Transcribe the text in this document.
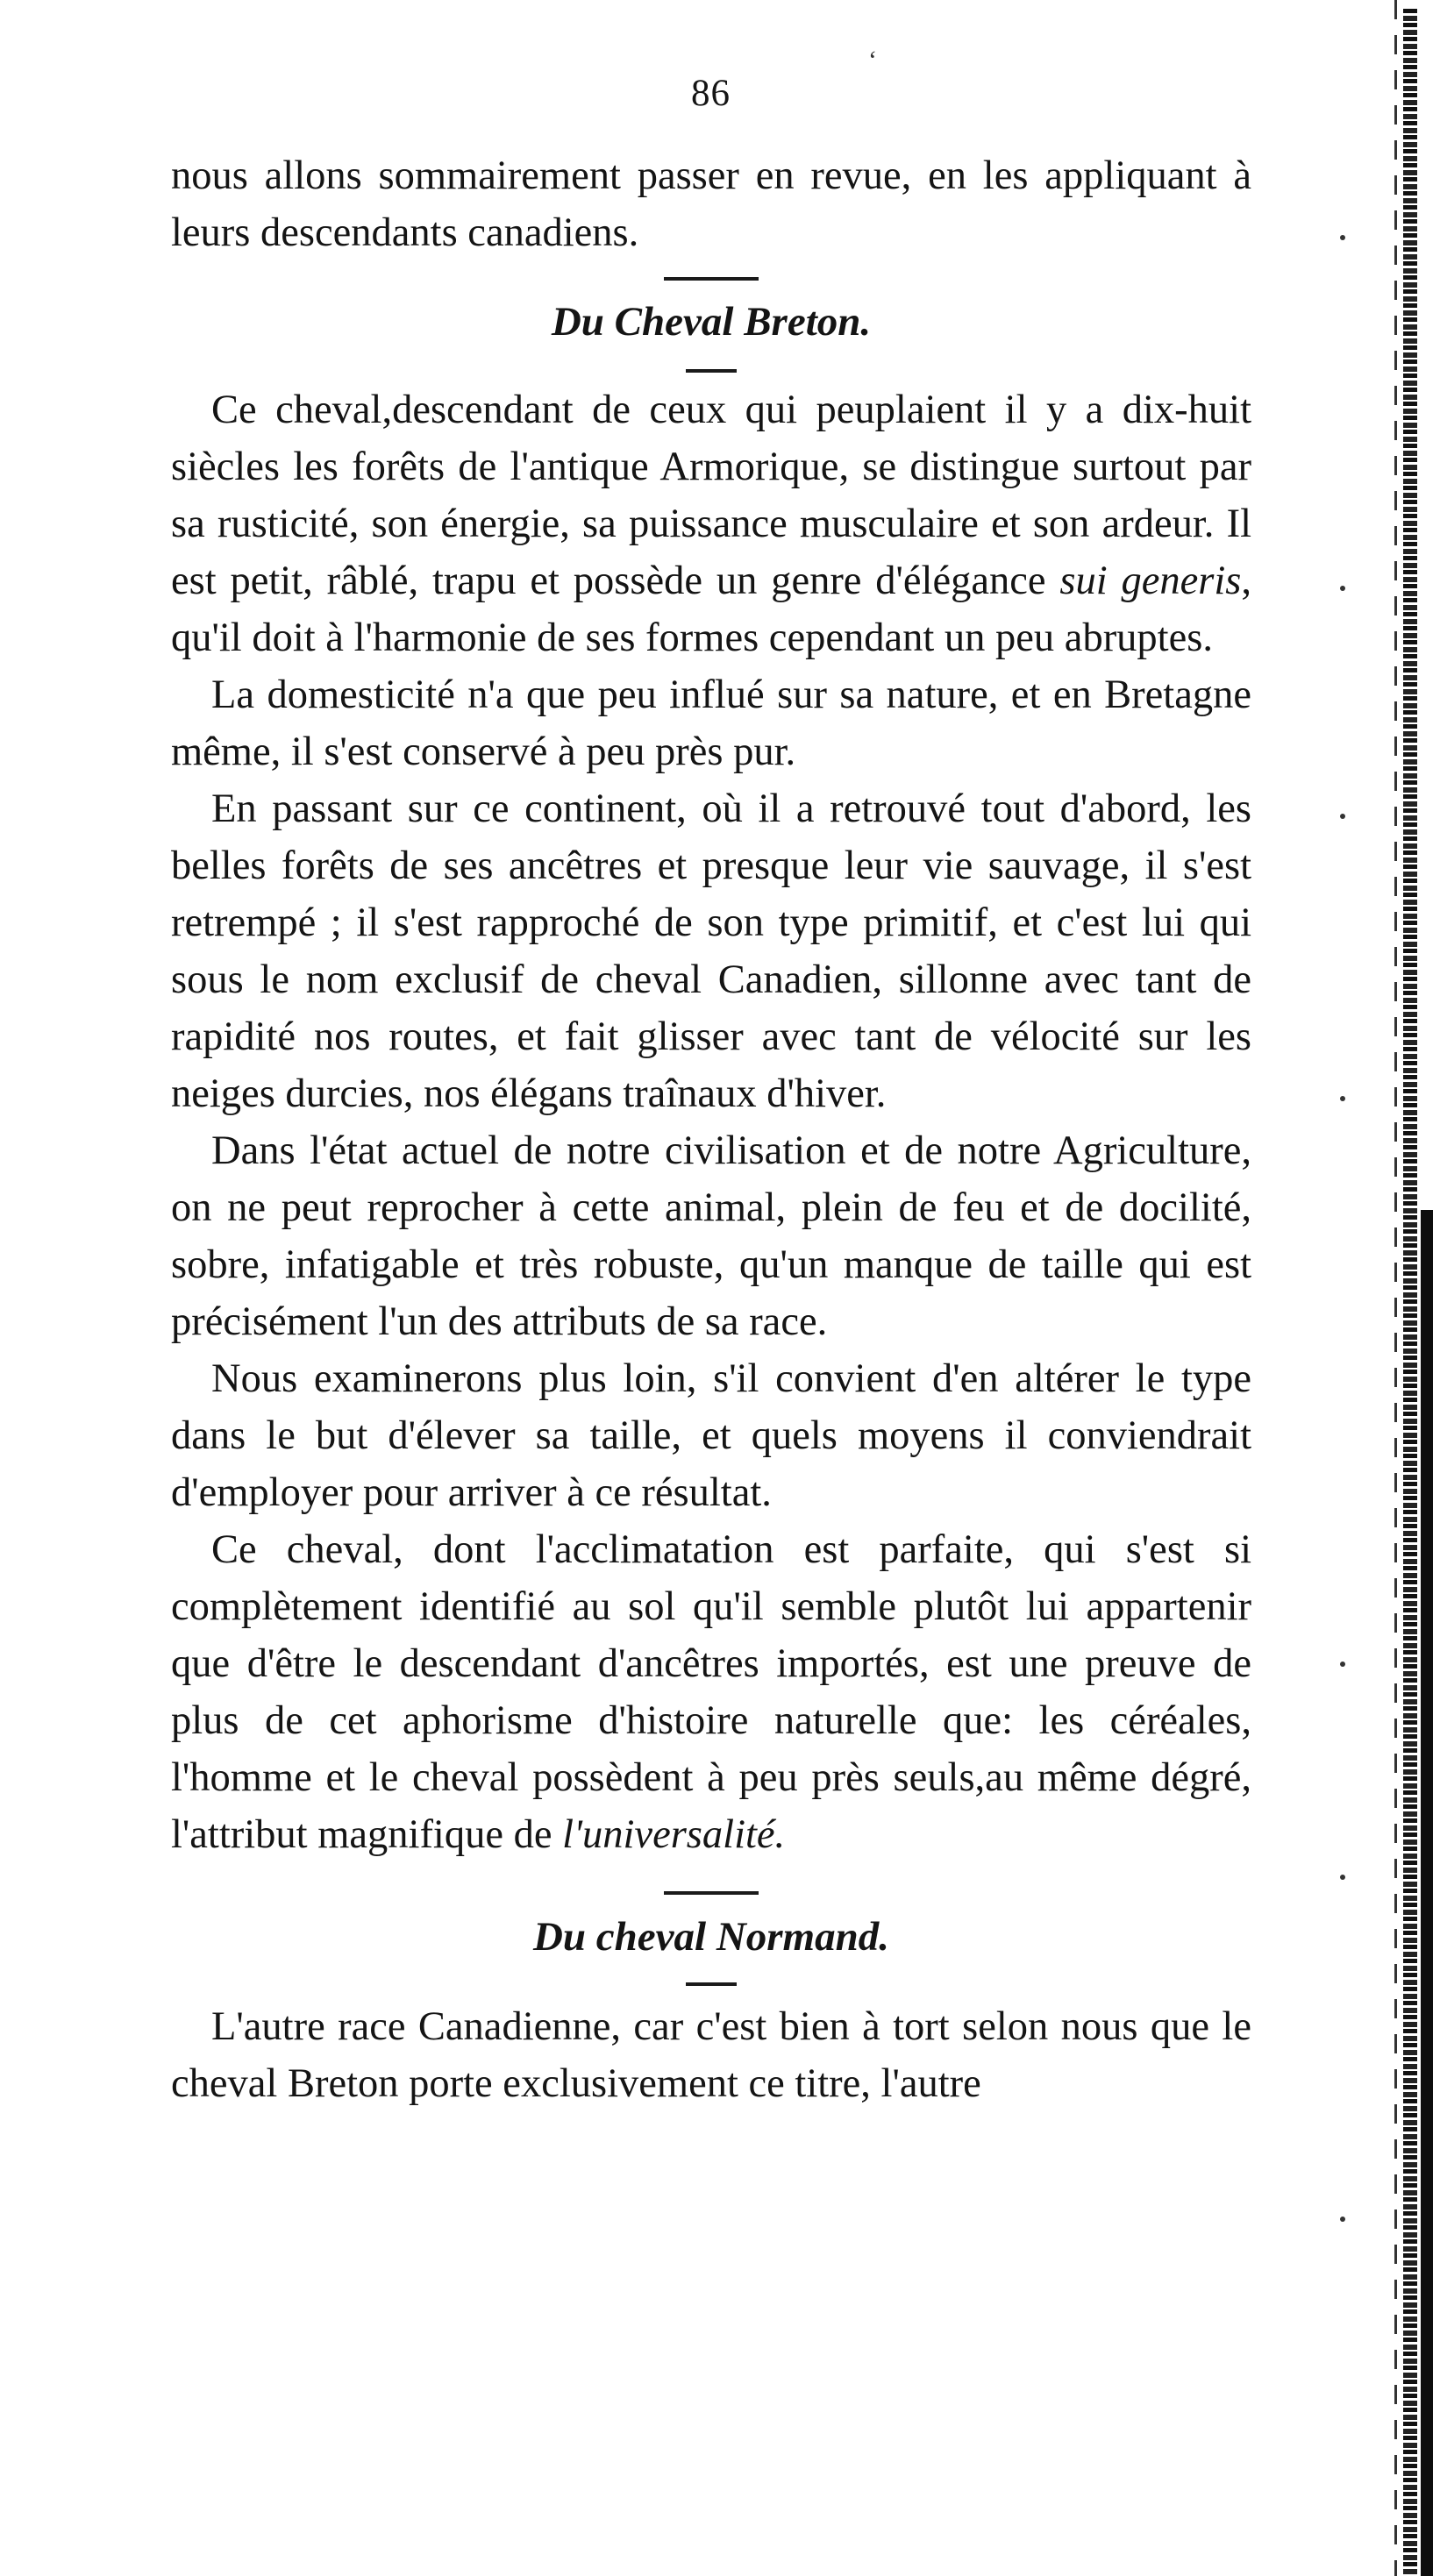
86
‘

nous allons sommairement passer en revue, en les appliquant à leurs descendants canadiens.

Du Cheval Breton.

Ce cheval,descendant de ceux qui peuplaient il y a dix-huit siècles les forêts de l'antique Armorique, se distingue surtout par sa rusticité, son énergie, sa puissance musculaire et son ardeur. Il est petit, râblé, trapu et possède un genre d'élégance sui generis, qu'il doit à l'harmonie de ses formes cependant un peu abruptes.

La domesticité n'a que peu influé sur sa nature, et en Bretagne même, il s'est conservé à peu près pur.

En passant sur ce continent, où il a retrouvé tout d'abord, les belles forêts de ses ancêtres et presque leur vie sauvage, il s'est retrempé ; il s'est rapproché de son type primitif, et c'est lui qui sous le nom exclusif de cheval Canadien, sillonne avec tant de rapidité nos routes, et fait glisser avec tant de vélocité sur les neiges durcies, nos élégans traînaux d'hiver.

Dans l'état actuel de notre civilisation et de notre Agriculture, on ne peut reprocher à cette animal, plein de feu et de docilité, sobre, infatigable et très robuste, qu'un manque de taille qui est précisément l'un des attributs de sa race.

Nous examinerons plus loin, s'il convient d'en altérer le type dans le but d'élever sa taille, et quels moyens il conviendrait d'employer pour arriver à ce résultat.

Ce cheval, dont l'acclimatation est parfaite, qui s'est si complètement identifié au sol qu'il semble plutôt lui appartenir que d'être le descendant d'ancêtres importés, est une preuve de plus de cet aphorisme d'histoire naturelle que: les céréales, l'homme et le cheval possèdent à peu près seuls,au même dégré, l'attribut magnifique de l'universalité.

Du cheval Normand.

L'autre race Canadienne, car c'est bien à tort selon nous que le cheval Breton porte exclusivement ce titre, l'autre
